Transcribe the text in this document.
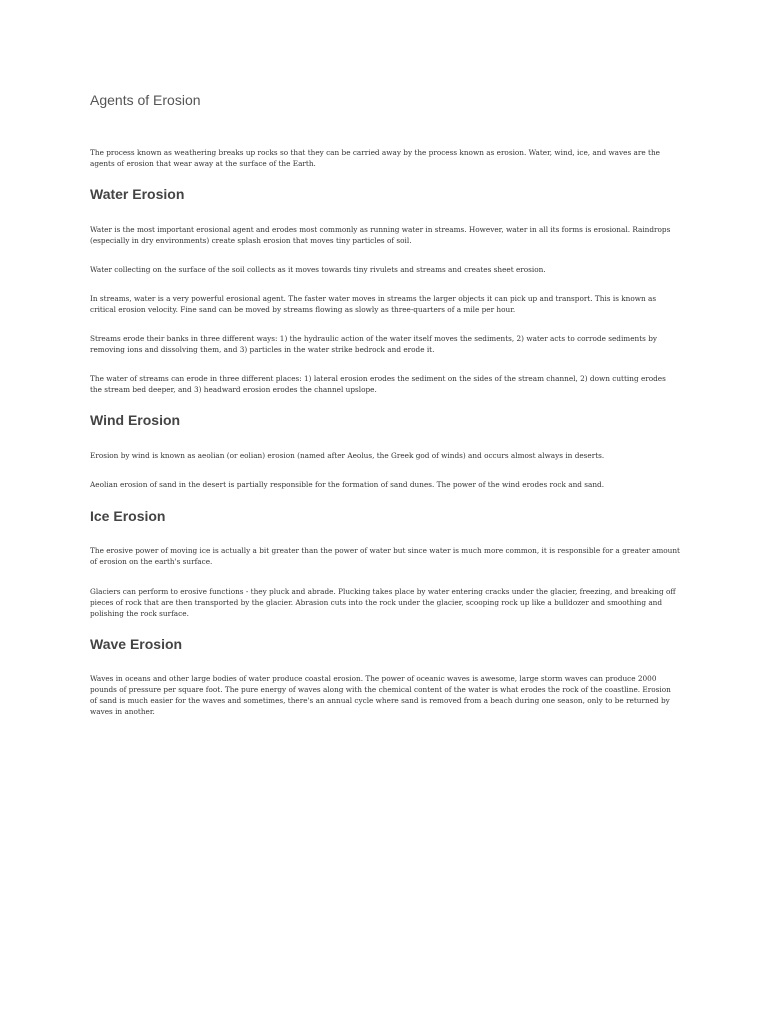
Agents of Erosion

The process known as weathering breaks up rocks so that they can be carried away by the process known as erosion. Water, wind, ice, and waves are the agents of erosion that wear away at the surface of the Earth.

Water Erosion

Water is the most important erosional agent and erodes most commonly as running water in streams. However, water in all its forms is erosional. Raindrops (especially in dry environments) create splash erosion that moves tiny particles of soil.

Water collecting on the surface of the soil collects as it moves towards tiny rivulets and streams and creates sheet erosion.

In streams, water is a very powerful erosional agent. The faster water moves in streams the larger objects it can pick up and transport. This is known as critical erosion velocity. Fine sand can be moved by streams flowing as slowly as three-quarters of a mile per hour.

Streams erode their banks in three different ways: 1) the hydraulic action of the water itself moves the sediments, 2) water acts to corrode sediments by removing ions and dissolving them, and 3) particles in the water strike bedrock and erode it.

The water of streams can erode in three different places: 1) lateral erosion erodes the sediment on the sides of the stream channel, 2) down cutting erodes the stream bed deeper, and 3) headward erosion erodes the channel upslope.

Wind Erosion

Erosion by wind is known as aeolian (or eolian) erosion (named after Aeolus, the Greek god of winds) and occurs almost always in deserts.

Aeolian erosion of sand in the desert is partially responsible for the formation of sand dunes. The power of the wind erodes rock and sand.

Ice Erosion

The erosive power of moving ice is actually a bit greater than the power of water but since water is much more common, it is responsible for a greater amount of erosion on the earth's surface.

Glaciers can perform to erosive functions - they pluck and abrade. Plucking takes place by water entering cracks under the glacier, freezing, and breaking off pieces of rock that are then transported by the glacier. Abrasion cuts into the rock under the glacier, scooping rock up like a bulldozer and smoothing and polishing the rock surface.

Wave Erosion

Waves in oceans and other large bodies of water produce coastal erosion. The power of oceanic waves is awesome, large storm waves can produce 2000 pounds of pressure per square foot. The pure energy of waves along with the chemical content of the water is what erodes the rock of the coastline. Erosion of sand is much easier for the waves and sometimes, there's an annual cycle where sand is removed from a beach during one season, only to be returned by waves in another.
